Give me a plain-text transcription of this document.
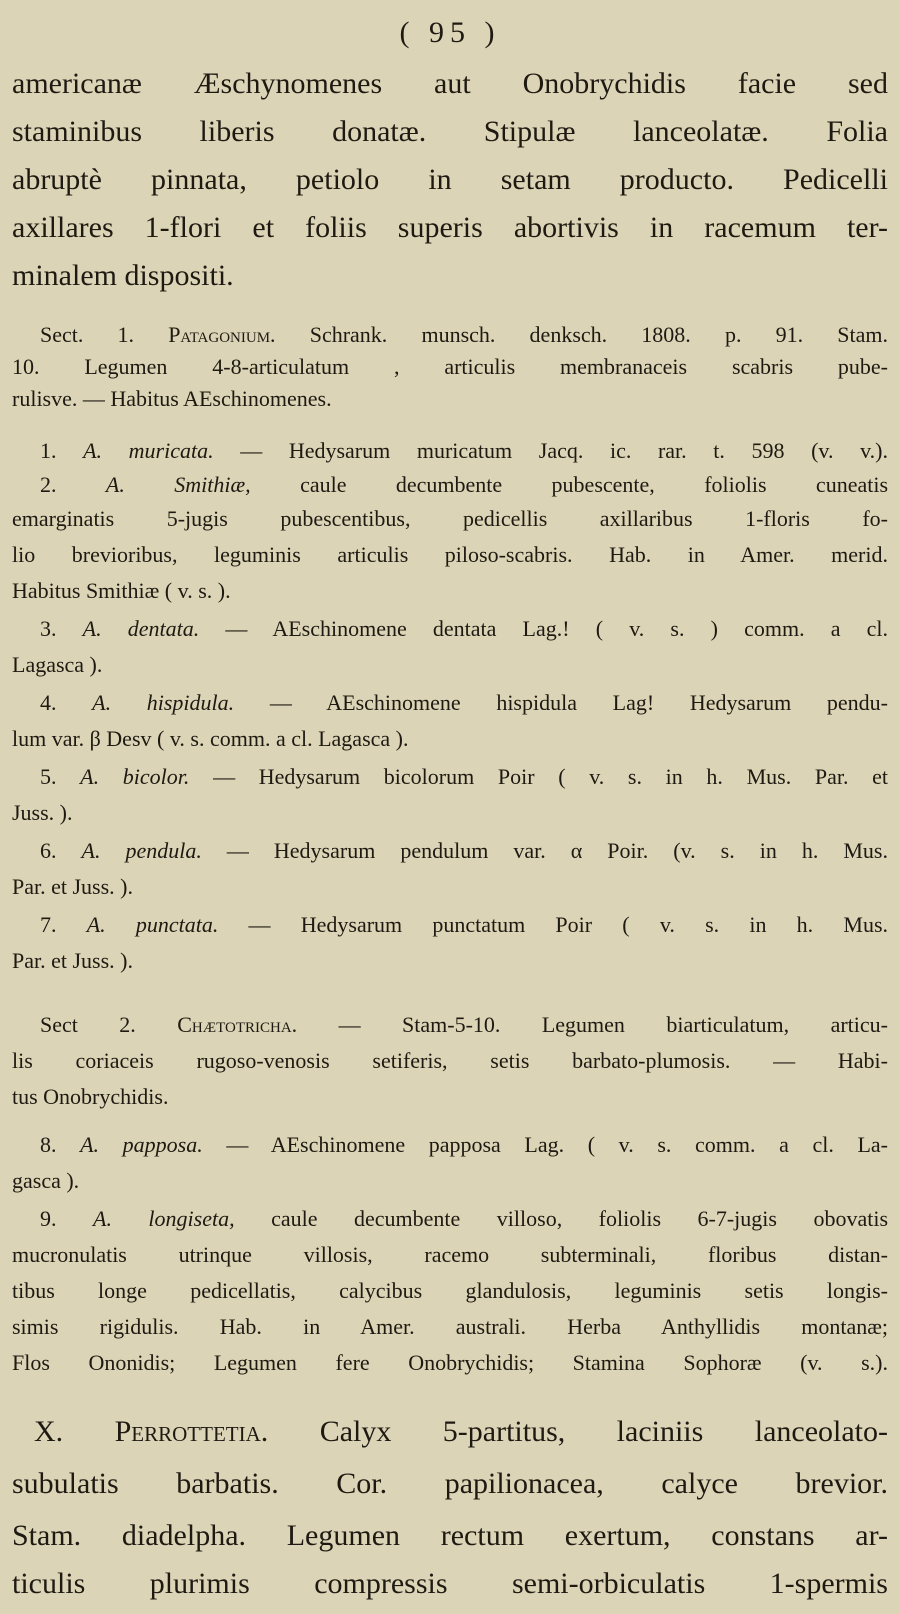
( 95 )
americanæ Æschynomenes aut Onobrychidis facie sed
staminibus liberis donatæ. Stipulæ lanceolatæ. Folia
abruptè pinnata, petiolo in setam producto. Pedicelli
axillares 1-flori et foliis superis abortivis in racemum ter-
minalem dispositi.
Sect. 1. Patagonium. Schrank. munsch. denksch. 1808. p. 91. Stam.
10. Legumen 4-8-articulatum , articulis membranaceis scabris pube-
rulisve. — Habitus AEschinomenes.
1. A. muricata. — Hedysarum muricatum Jacq. ic. rar. t. 598 (v. v.).
2. A. Smithiæ, caule decumbente pubescente, foliolis cuneatis
emarginatis 5-jugis pubescentibus, pedicellis axillaribus 1-floris fo-
lio brevioribus, leguminis articulis piloso-scabris. Hab. in Amer. merid.
Habitus Smithiæ ( v. s. ).
3. A. dentata. — AEschinomene dentata Lag.! ( v. s. ) comm. a cl.
Lagasca ).
4. A. hispidula. — AEschinomene hispidula Lag! Hedysarum pendu-
lum var. β Desv ( v. s. comm. a cl. Lagasca ).
5. A. bicolor. — Hedysarum bicolorum Poir ( v. s. in h. Mus. Par. et
Juss. ).
6. A. pendula. — Hedysarum pendulum var. α Poir. (v. s. in h. Mus.
Par. et Juss. ).
7. A. punctata. — Hedysarum punctatum Poir ( v. s. in h. Mus.
Par. et Juss. ).
Sect 2. Chætotricha. — Stam-5-10. Legumen biarticulatum, articu-
lis coriaceis rugoso-venosis setiferis, setis barbato-plumosis. — Habi-
tus Onobrychidis.
8. A. papposa. — AEschinomene papposa Lag. ( v. s. comm. a cl. La-
gasca ).
9. A. longiseta, caule decumbente villoso, foliolis 6-7-jugis obovatis
mucronulatis utrinque villosis, racemo subterminali, floribus distan-
tibus longe pedicellatis, calycibus glandulosis, leguminis setis longis-
simis rigidulis. Hab. in Amer. australi. Herba Anthyllidis montanæ;
Flos Ononidis; Legumen fere Onobrychidis; Stamina Sophoræ (v. s.).
X. Perrottetia. Calyx 5-partitus, laciniis lanceolato-
subulatis barbatis. Cor. papilionacea, calyce brevior.
Stam. diadelpha. Legumen rectum exertum, constans ar-
ticulis plurimis compressis semi-orbiculatis 1-spermis
